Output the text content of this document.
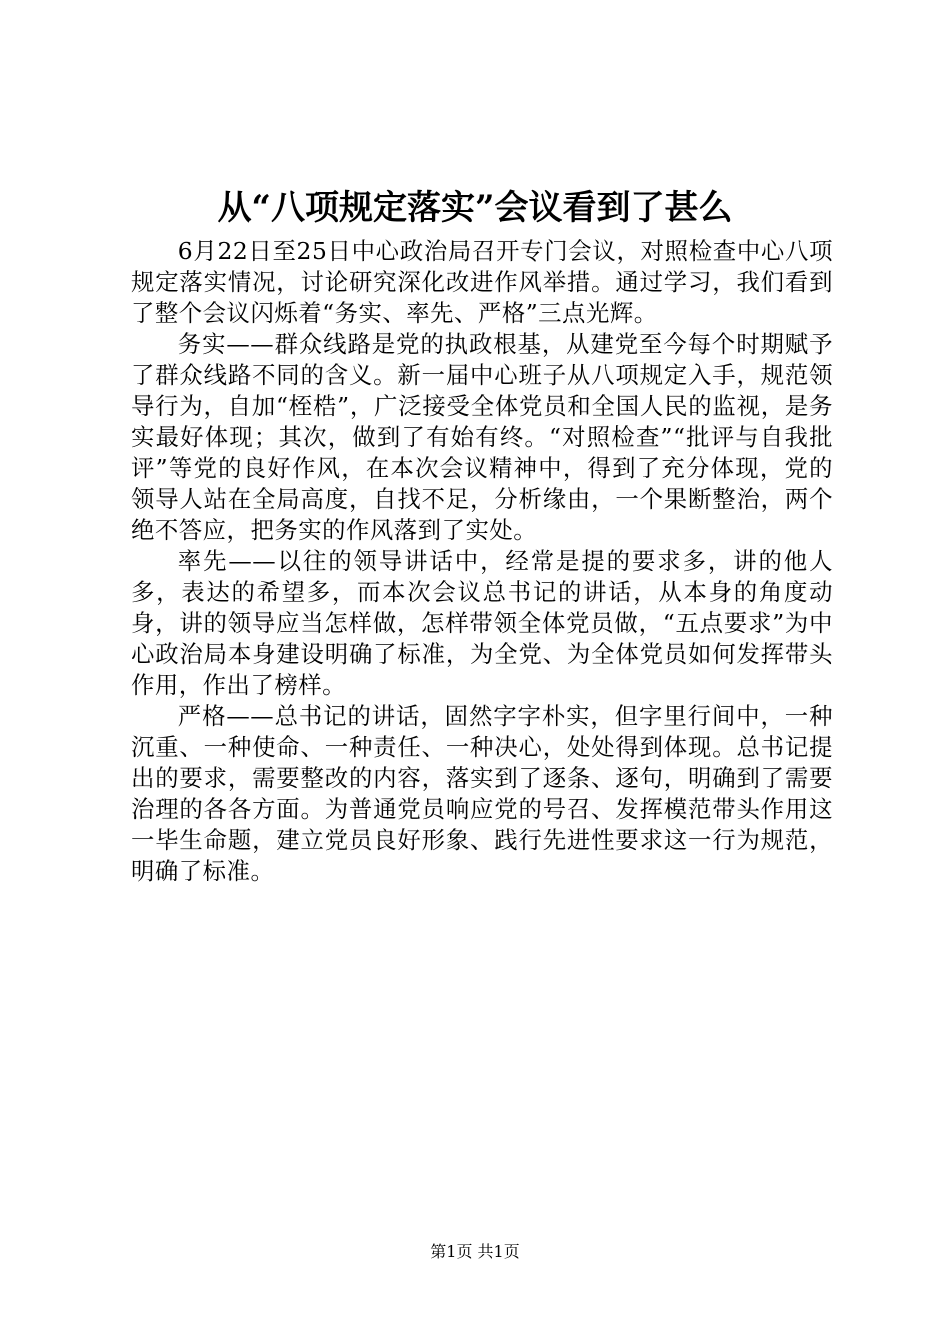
从“八项规定落实”会议看到了甚么

6月22日至25日中心政治局召开专门会议，对照检查中心八项规定落实情况，讨论研究深化改进作风举措。通过学习，我们看到了整个会议闪烁着“务实、率先、严格”三点光辉。

务实——群众线路是党的执政根基，从建党至今每个时期赋予了群众线路不同的含义。新一届中心班子从八项规定入手，规范领导行为，自加“桎梏”，广泛接受全体党员和全国人民的监视，是务实最好体现；其次，做到了有始有终。“对照检查”“批评与自我批评”等党的良好作风，在本次会议精神中，得到了充分体现，党的领导人站在全局高度，自找不足，分析缘由，一个果断整治，两个绝不答应，把务实的作风落到了实处。

率先——以往的领导讲话中，经常是提的要求多，讲的他人多，表达的希望多，而本次会议总书记的讲话，从本身的角度动身，讲的领导应当怎样做，怎样带领全体党员做，“五点要求”为中心政治局本身建设明确了标准，为全党、为全体党员如何发挥带头作用，作出了榜样。

严格——总书记的讲话，固然字字朴实，但字里行间中，一种沉重、一种使命、一种责任、一种决心，处处得到体现。总书记提出的要求，需要整改的内容，落实到了逐条、逐句，明确到了需要治理的各各方面。为普通党员响应党的号召、发挥模范带头作用这一毕生命题，建立党员良好形象、践行先进性要求这一行为规范，明确了标准。

第1页 共1页
